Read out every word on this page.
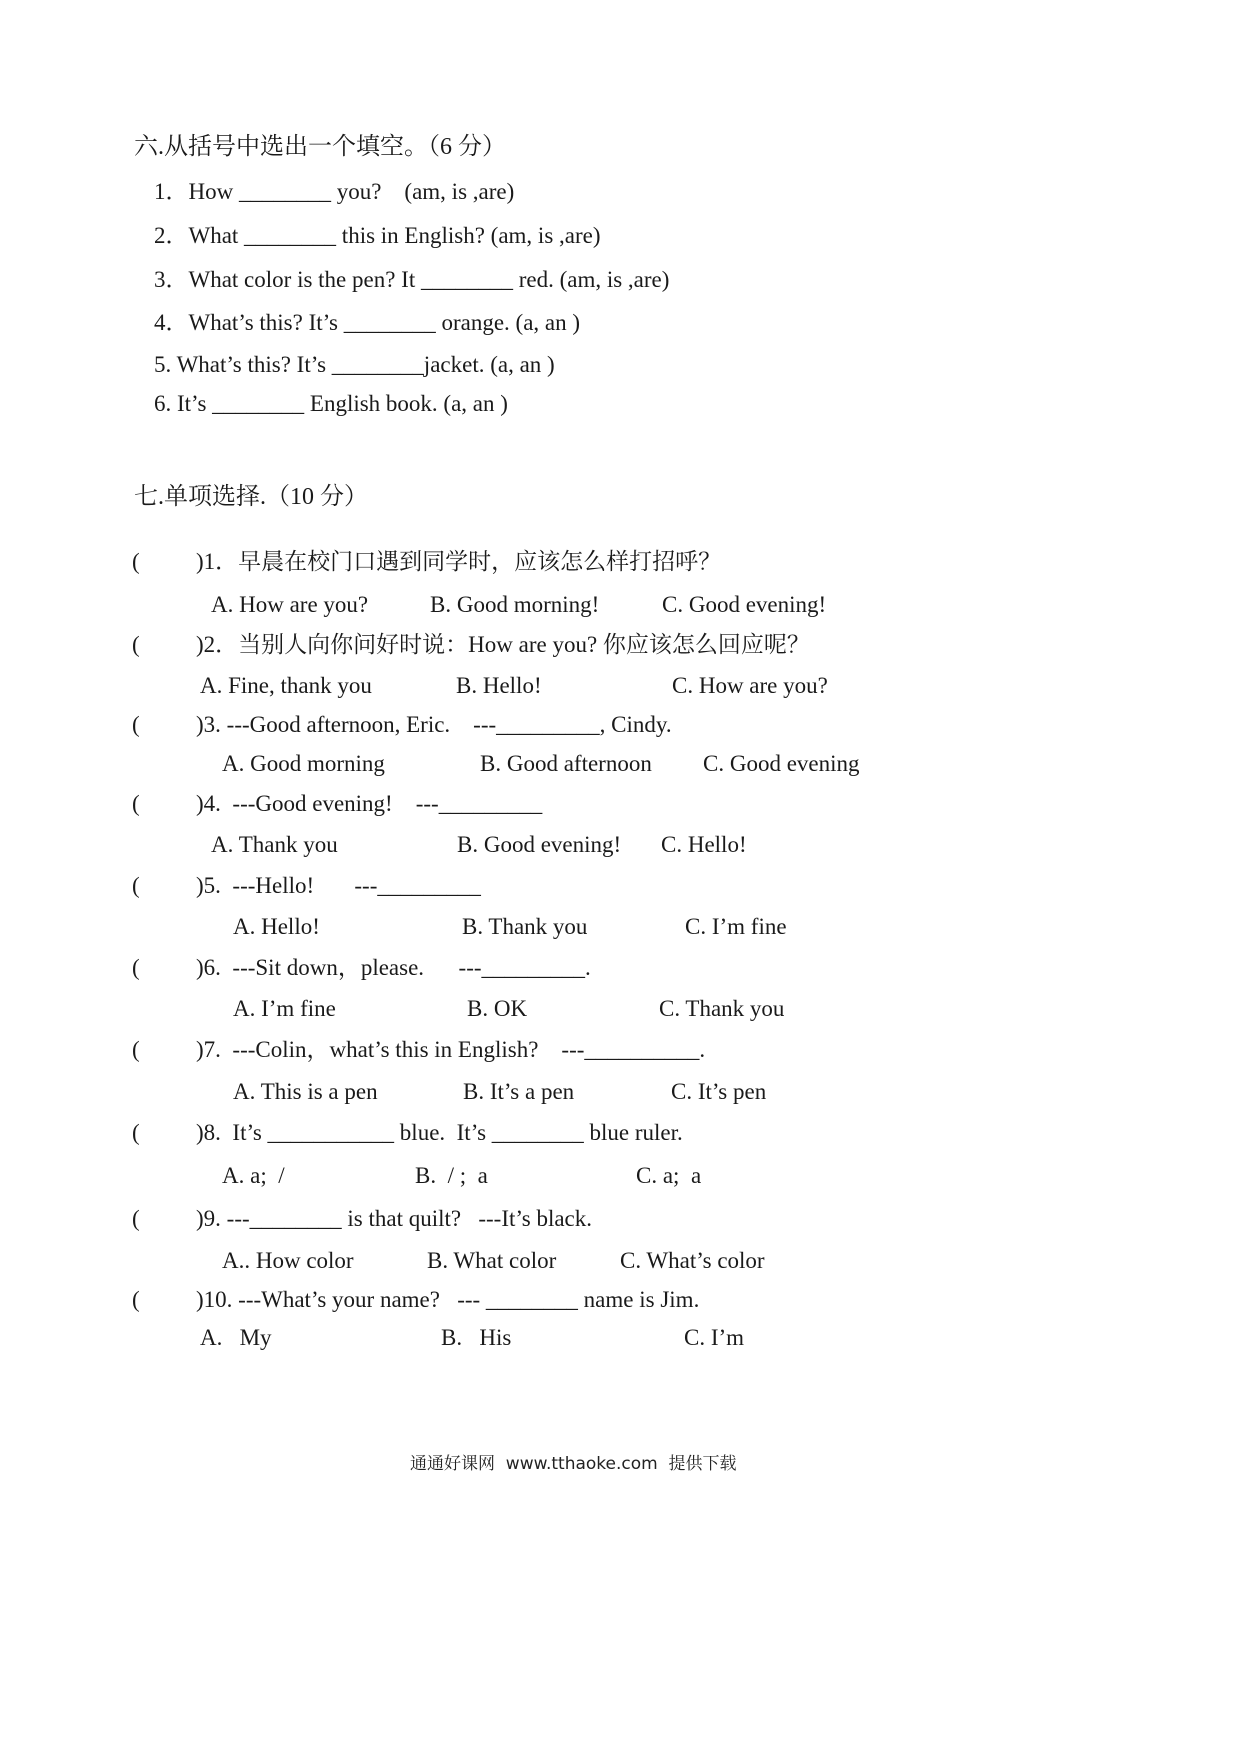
六.从括号中选出一个填空。（6 分）
1．How ________ you?    (am, is ,are)
2．What ________ this in English? (am, is ,are)
3．What color is the pen? It ________ red. (am, is ,are)
4．What’s this? It’s ________ orange. (a, an )
5. What’s this? It’s ________jacket. (a, an )
6. It’s ________ English book. (a, an )
七.单项选择.（10 分）
( )1．早晨在校门口遇到同学时，应该怎么样打招呼？
A. How are you?	B. Good morning!	C. Good evening!
( )2．当别人向你问好时说：How are you? 你应该怎么回应呢？
A. Fine, thank you	B. Hello!	C. How are you?
( )3. ---Good afternoon, Eric.    ---_________, Cindy.
A. Good morning	B. Good afternoon C. Good evening
( )4.  ---Good evening!    ---_________
A. Thank you	B. Good evening! C. Hello!
( )5.  ---Hello!       ---_________
A. Hello!	B. Thank you	C. I’m fine
( )6.  ---Sit down，please.      ---_________.
A. I’m fine	B. OK	C. Thank you
( )7.  ---Colin，what’s this in English?    ---__________.
A. This is a pen	B. It’s a pen	C. It’s pen
( )8.  It’s ___________ blue.  It’s ________ blue ruler.
A. a;  /	B.  / ;  a	C. a;  a
( )9. ---________ is that quilt?   ---It’s black.
A.. How color	B. What color	C. What’s color
( )10. ---What’s your name?   --- ________ name is Jim.
A.   My	B.   His	C. I’m
通通好课网  www.tthaoke.com  提供下载
